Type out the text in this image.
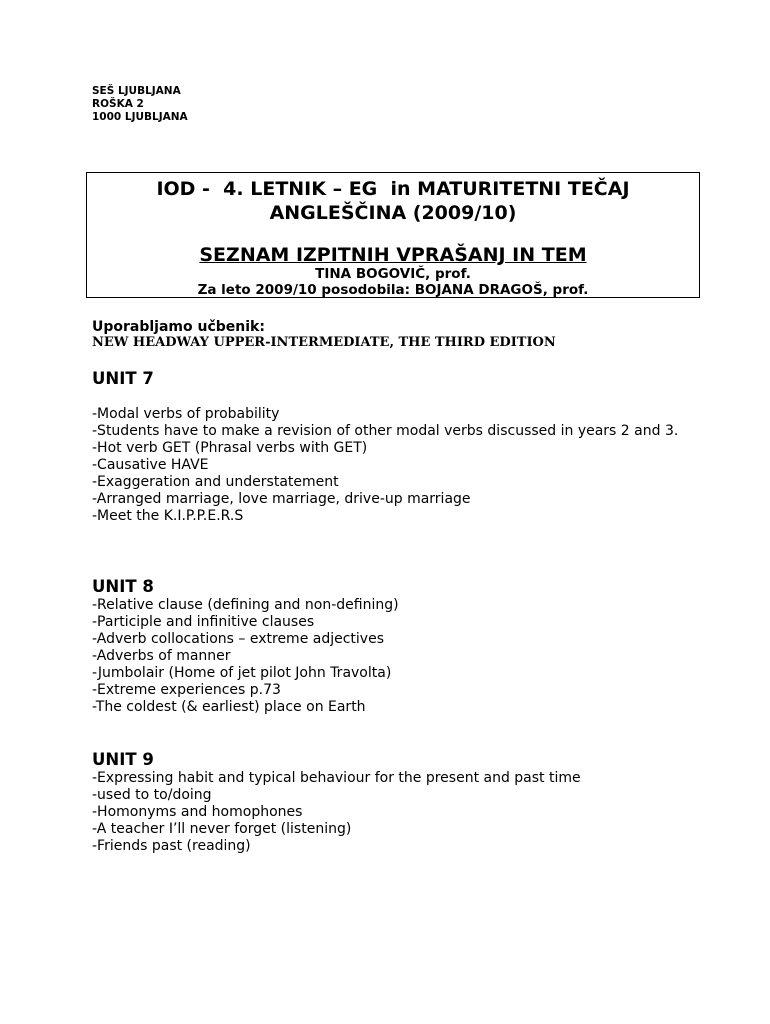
SEŠ LJUBLJANA
ROŠKA 2
1000 LJUBLJANA
IOD -  4. LETNIK – EG  in MATURITETNI TEČAJ
ANGLEŠČINA (2009/10)
SEZNAM IZPITNIH VPRAŠANJ IN TEM
TINA BOGOVIČ, prof.
Za leto 2009/10 posodobila: BOJANA DRAGOŠ, prof.
Uporabljamo učbenik:
NEW HEADWAY UPPER-INTERMEDIATE, THE THIRD EDITION
UNIT 7
-Modal verbs of probability
-Students have to make a revision of other modal verbs discussed in years 2 and 3.
-Hot verb GET (Phrasal verbs with GET)
-Causative HAVE
-Exaggeration and understatement
-Arranged marriage, love marriage, drive-up marriage
-Meet the K.I.P.P.E.R.S
UNIT 8
-Relative clause (defining and non-defining)
-Participle and infinitive clauses
-Adverb collocations – extreme adjectives
-Adverbs of manner
-Jumbolair (Home of jet pilot John Travolta)
-Extreme experiences p.73
-The coldest (& earliest) place on Earth
UNIT 9
-Expressing habit and typical behaviour for the present and past time
-used to to/doing
-Homonyms and homophones
-A teacher I’ll never forget (listening)
-Friends past (reading)
